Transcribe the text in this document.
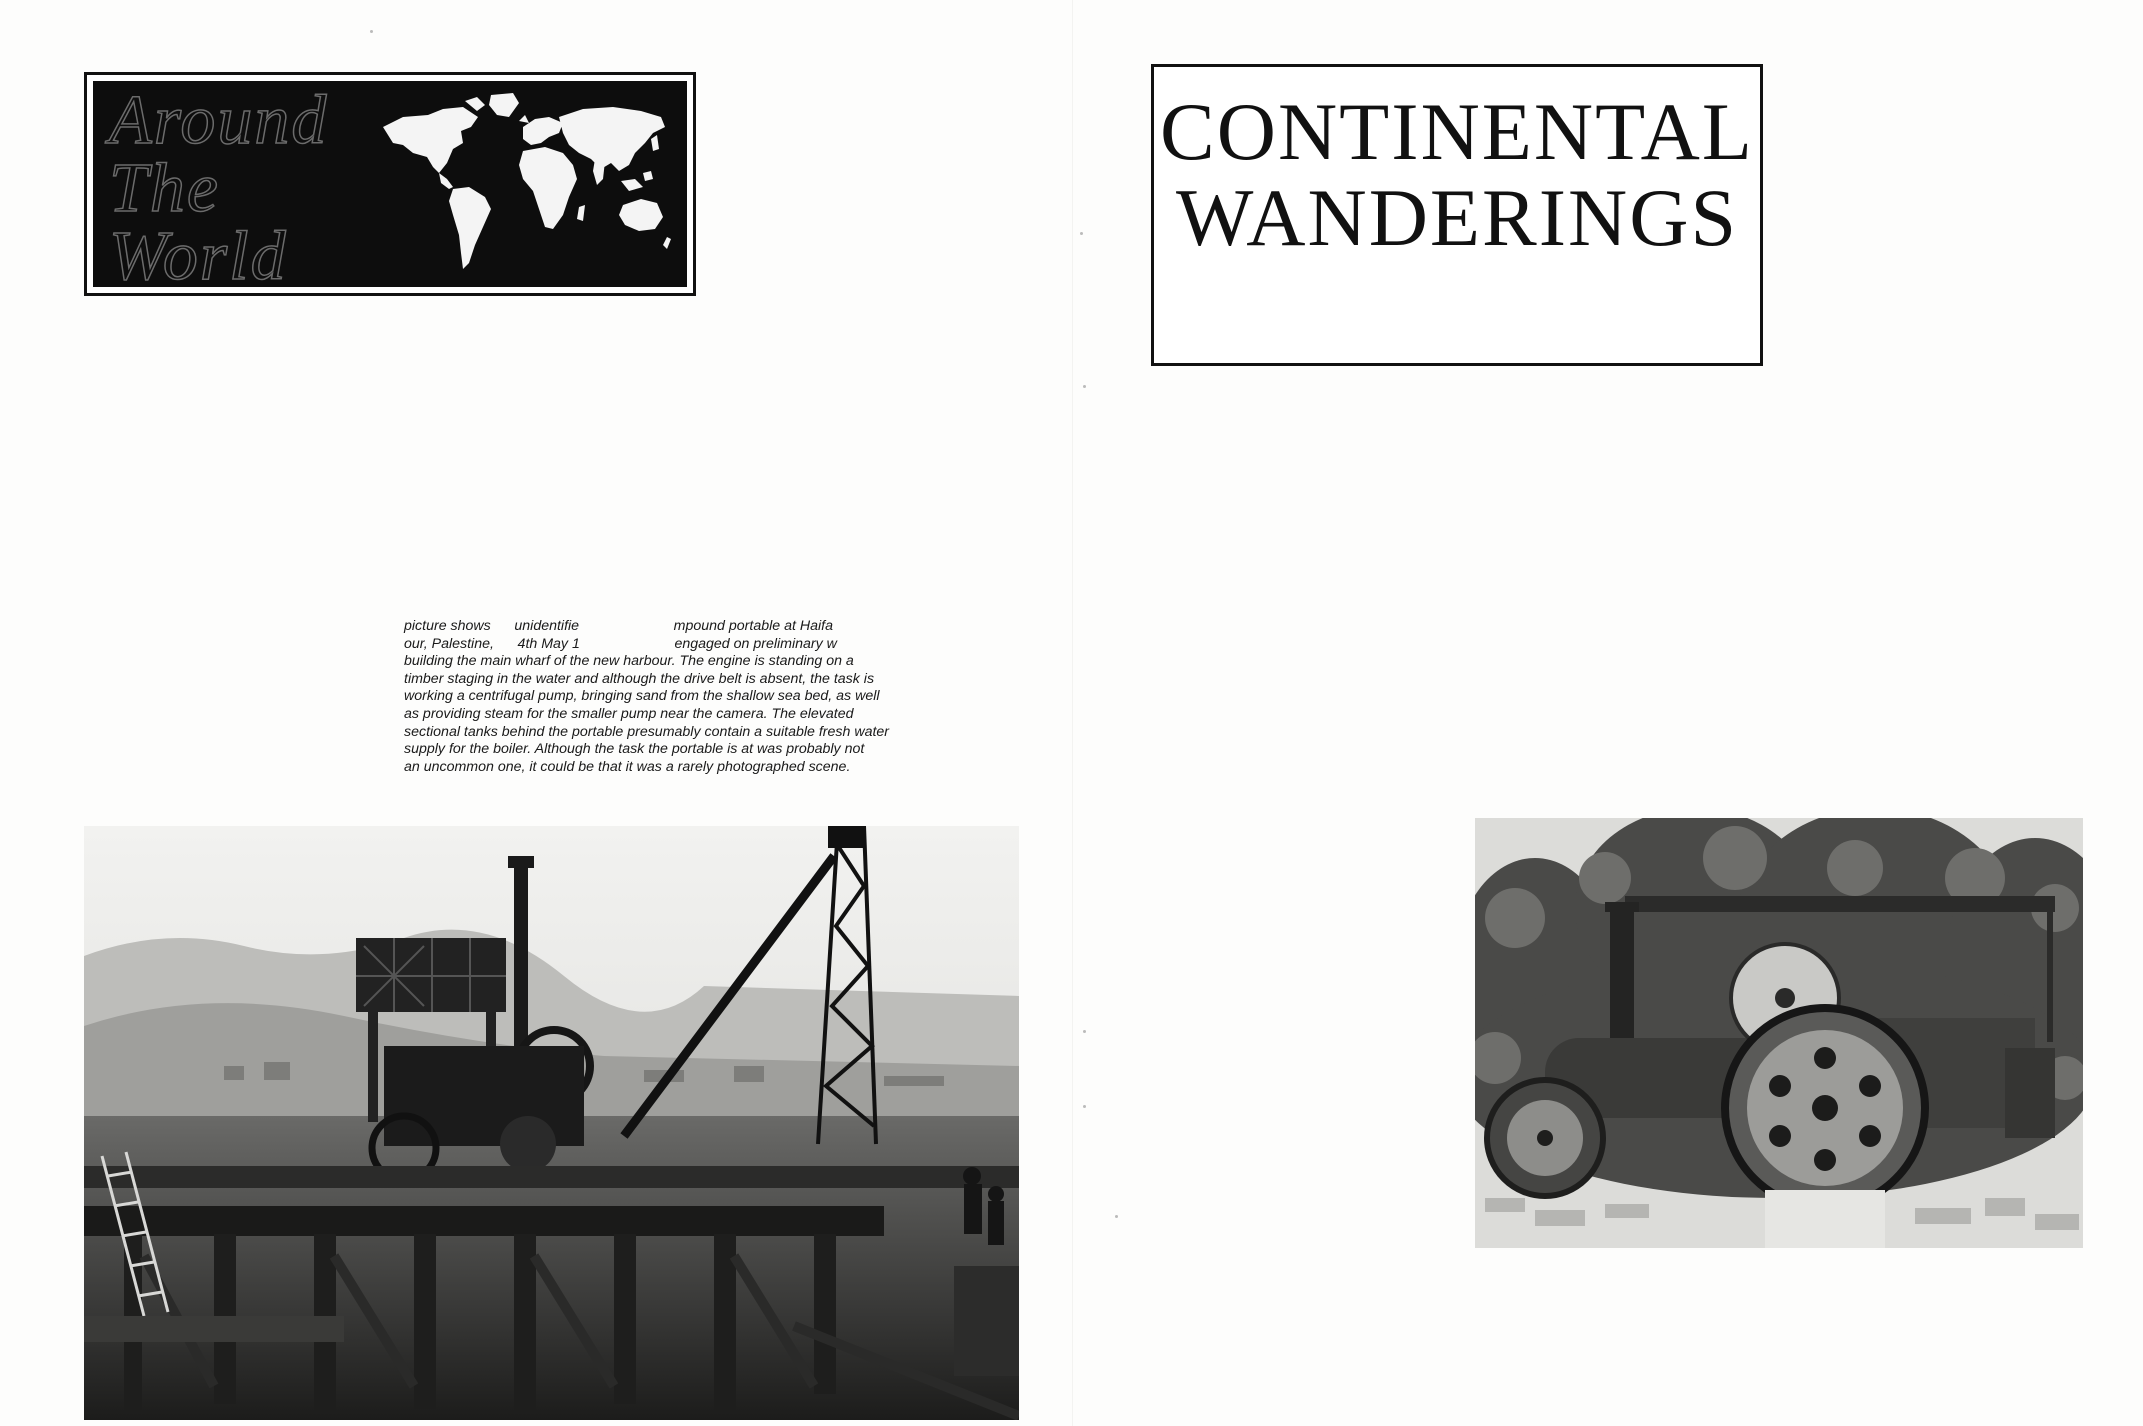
Around
The
World
CONTINENTAL
WANDERINGS
picture shows      unidentifie                        mpound portable at Haifa
our, Palestine,      4th May 1                        engaged on preliminary w
building the main wharf of the new harbour. The engine is standing on a
timber staging in the water and although the drive belt is absent, the task is
working a centrifugal pump, bringing sand from the shallow sea bed, as well
as providing steam for the smaller pump near the camera. The elevated
sectional tanks behind the portable presumably contain a suitable fresh water
supply for the boiler. Although the task the portable is at was probably not
an uncommon one, it could be that it was a rarely photographed scene.
